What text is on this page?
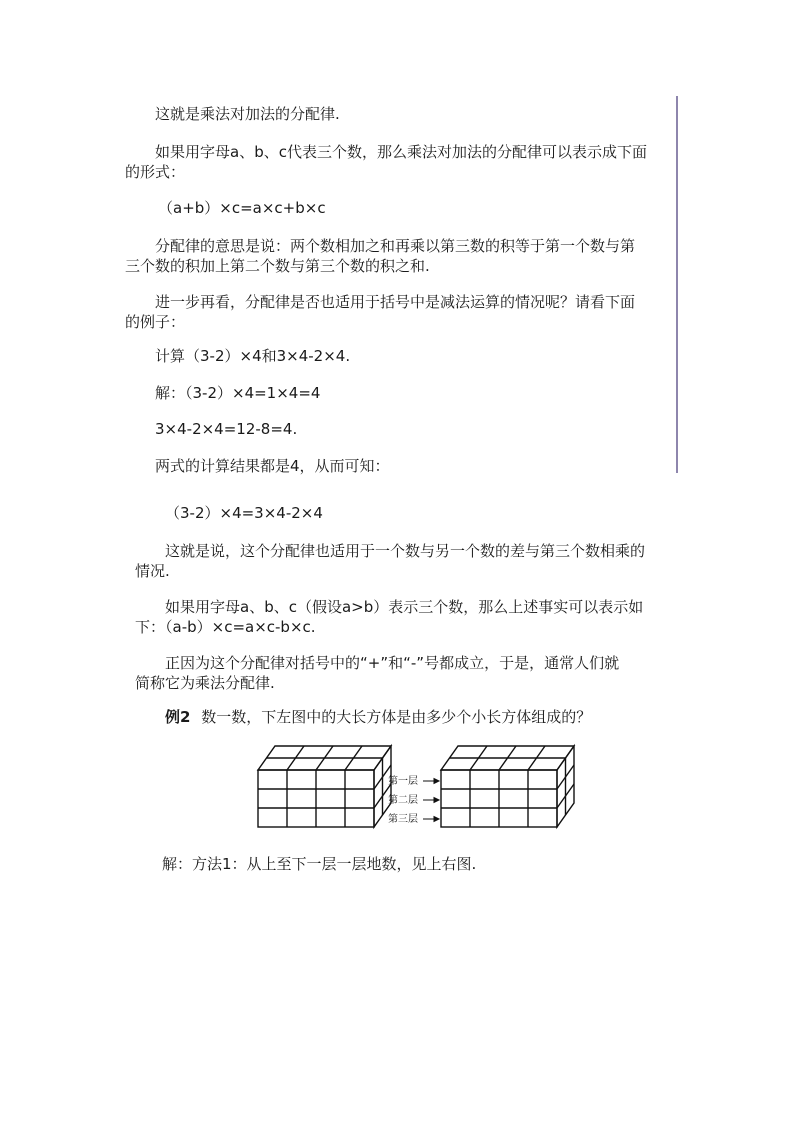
这就是乘法对加法的分配律.
如果用字母a、b、c代表三个数，那么乘法对加法的分配律可以表示成下面
的形式：
（a+b）×c=a×c+b×c
分配律的意思是说：两个数相加之和再乘以第三数的积等于第一个数与第
三个数的积加上第二个数与第三个数的积之和.
进一步再看，分配律是否也适用于括号中是减法运算的情况呢？请看下面
的例子：
计算（3-2）×4和3×4-2×4.
解：（3-2）×4=1×4=4
3×4-2×4=12-8=4.
两式的计算结果都是4，从而可知：
（3-2）×4=3×4-2×4
这就是说，这个分配律也适用于一个数与另一个数的差与第三个数相乘的
情况.
如果用字母a、b、c（假设a>b）表示三个数，那么上述事实可以表示如
下：（a-b）×c=a×c-b×c.
正因为这个分配律对括号中的“+”和“-”号都成立，于是，通常人们就
简称它为乘法分配律.
例2 数一数，下左图中的大长方体是由多少个小长方体组成的？
第一层
第二层
第三层
解：方法1：从上至下一层一层地数，见上右图.
